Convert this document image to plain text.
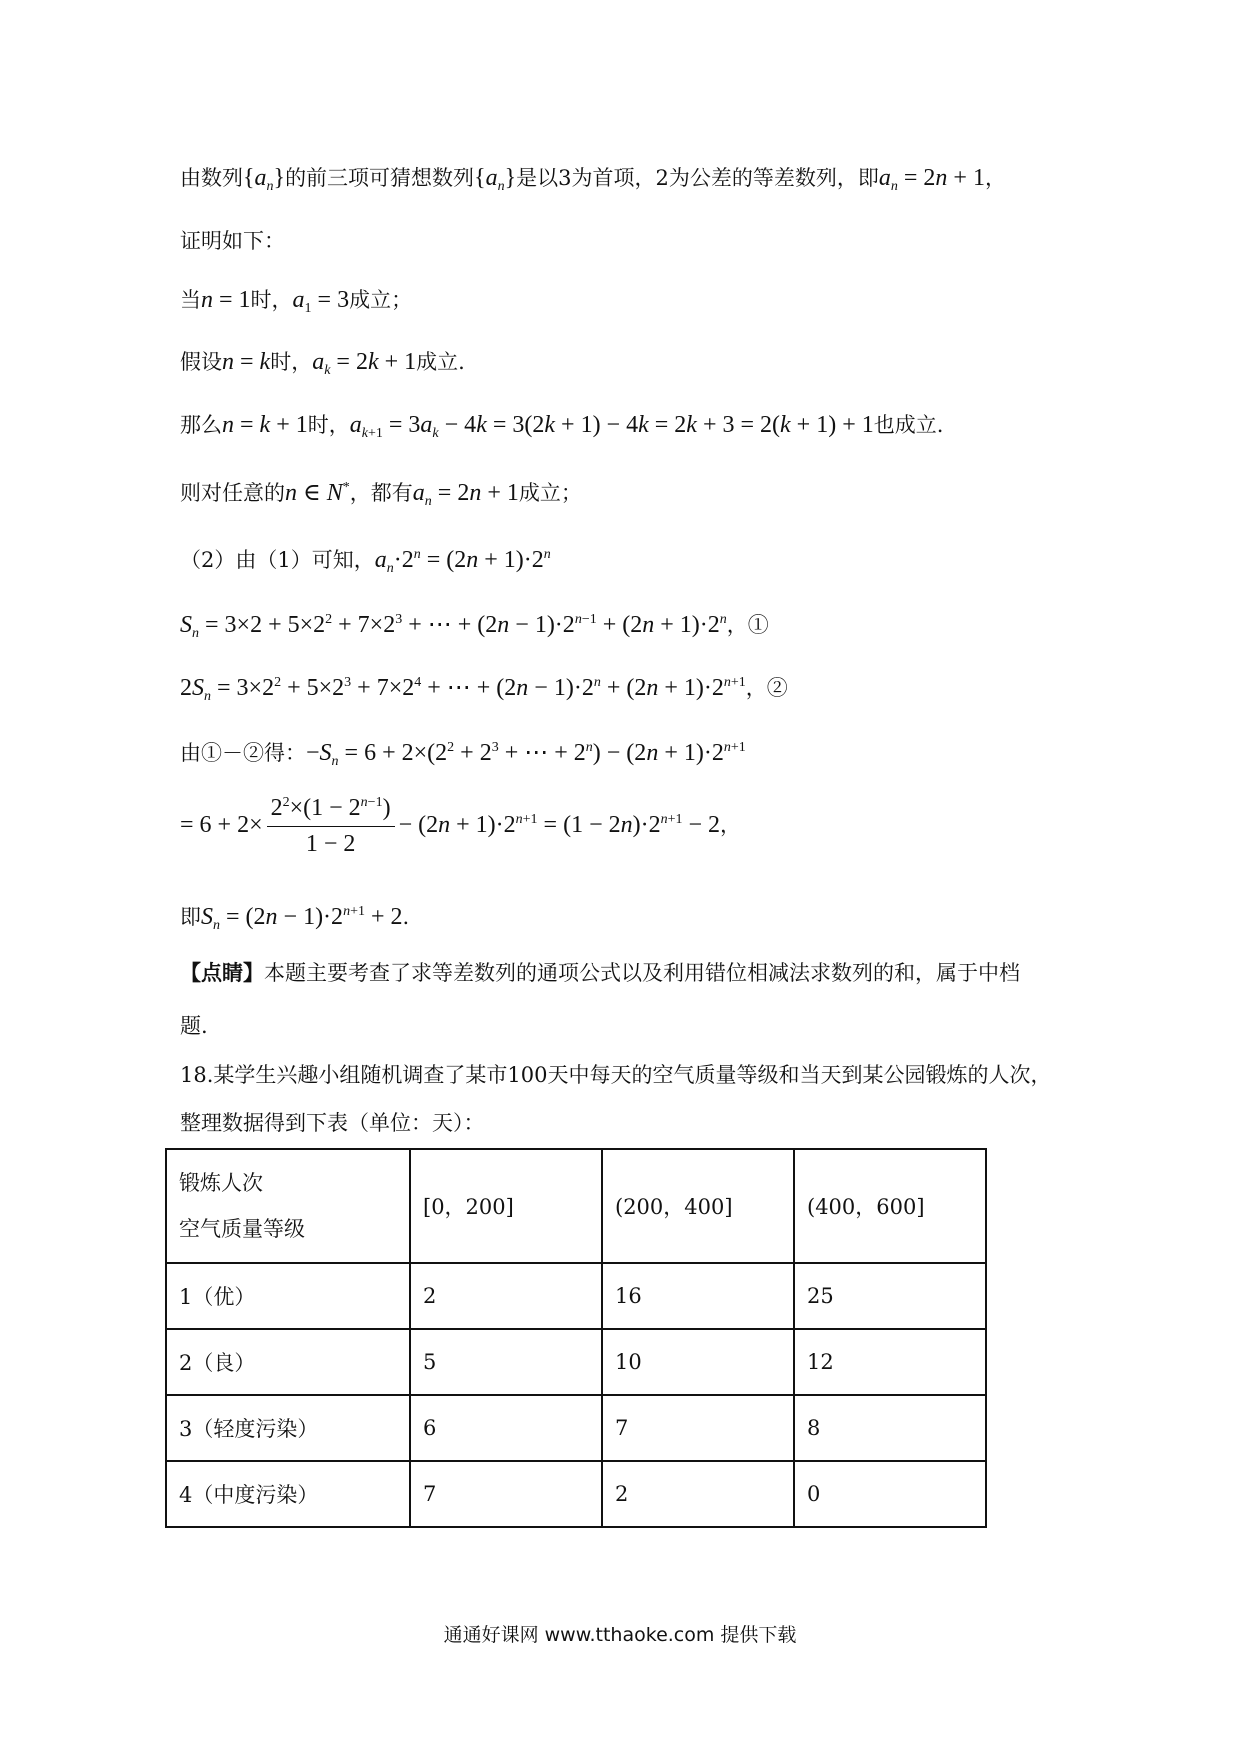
由数列$\{a_n\}$的前三项可猜想数列$\{a_n\}$是以3为首项，2为公差的等差数列，即$a_n = 2n + 1$，
证明如下：
当n = 1时，$a_1 = 3$成立；
假设n = k时，$a_k = 2k + 1$成立.
那么n = k + 1时，$a_{k+1} = 3a_k - 4k = 3(2k + 1) - 4k = 2k + 3 = 2(k + 1) + 1$也成立.
则对任意的n ∈ N*，都有$a_n = 2n + 1$成立；
（2）由（1）可知，$a_n\cdot 2^n = (2n + 1)\cdot 2^n$
$S_n = 3\times 2 + 5\times 2^2 + 7\times 2^3$ + ⋯ + $(2n - 1)\cdot 2^{n-1} + (2n + 1)\cdot 2^n$，①
$2S_n = 3\times 2^2 + 5\times 2^3 + 7\times 2^4$ + ⋯ + $(2n - 1)\cdot 2^n + (2n + 1)\cdot 2^{n+1}$，②
由①－②得：$-S_n = 6 + 2\times(2^2 + 2^3$ + ⋯ + $2^n) - (2n + 1)\cdot 2^{n+1}$
= $6 + 2\times \frac{2^2\times(1 - 2^{n-1})}{1 - 2} - (2n + 1)\cdot 2^{n+1} = (1 - 2n)\cdot 2^{n+1} - 2$，
即$S_n = (2n - 1)\cdot 2^{n+1} + 2$.
【点睛】本题主要考查了求等差数列的通项公式以及利用错位相减法求数列的和，属于中档
题.
18.某学生兴趣小组随机调查了某市100天中每天的空气质量等级和当天到某公园锻炼的人次，
整理数据得到下表（单位：天）：
锻炼人次
空气质量等级	[0，200]	(200，400]	(400，600]
1（优）	2	16	25
2（良）	5	10	12
3（轻度污染）	6	7	8
4（中度污染）	7	2	0
通通好课网 www.tthaoke.com 提供下载
